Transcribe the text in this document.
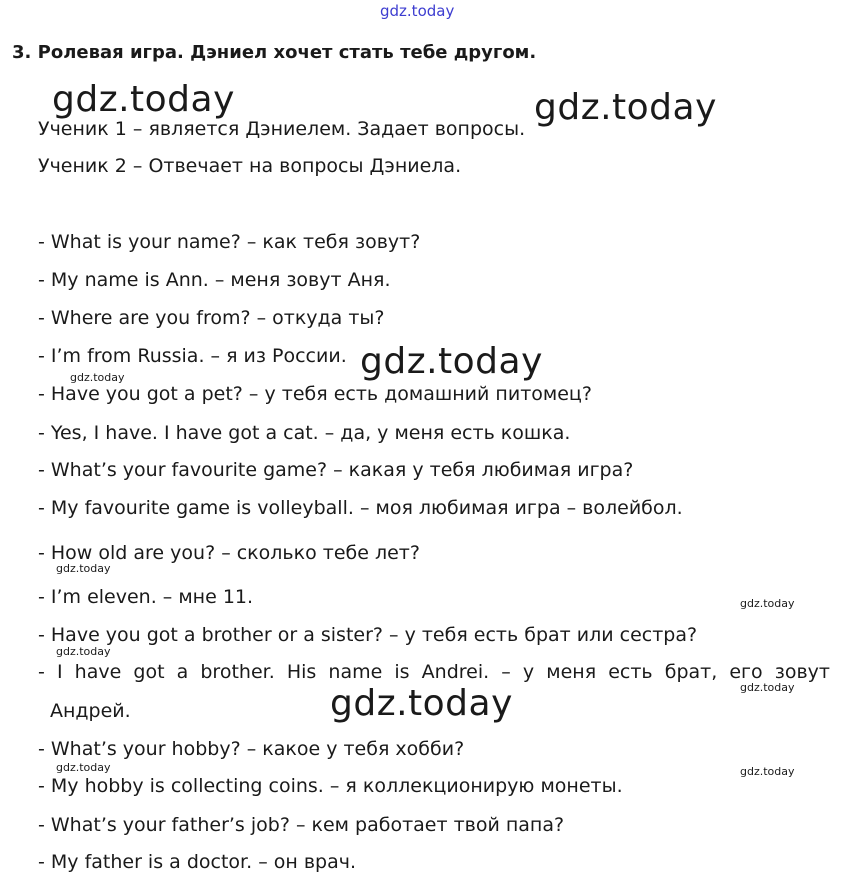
gdz.today
gdz.today	gdz.today
gdz.today
gdz.today
gdz.today
gdz.today
gdz.today
gdz.today
gdz.today
gdz.today	gdz.today
3. Ролевая игра. Дэниел хочет стать тебе другом.
Ученик 1 – является Дэниелем. Задает вопросы.
Ученик 2 – Отвечает на вопросы Дэниела.
- What is your name? – как тебя зовут?
- My name is Ann. – меня зовут Аня.
- Where are you from? – откуда ты?
- I’m from Russia. – я из России.
- Have you got a pet? – у тебя есть домашний питомец?
- Yes, I have. I have got a cat. – да, у меня есть кошка.
- What’s your favourite game? – какая у тебя любимая игра?
- My favourite game is volleyball. – моя любимая игра – волейбол.
- How old are you? – сколько тебе лет?
- I’m eleven. – мне 11.
- Have you got a brother or a sister? – у тебя есть брат или сестра?
- I have got a brother. His name is Andrei. – у меня есть брат, его зовут
Андрей.
- What’s your hobby? – какое у тебя хобби?
- My hobby is collecting coins. – я коллекционирую монеты.
- What’s your father’s job? – кем работает твой папа?
- My father is a doctor. – он врач.
